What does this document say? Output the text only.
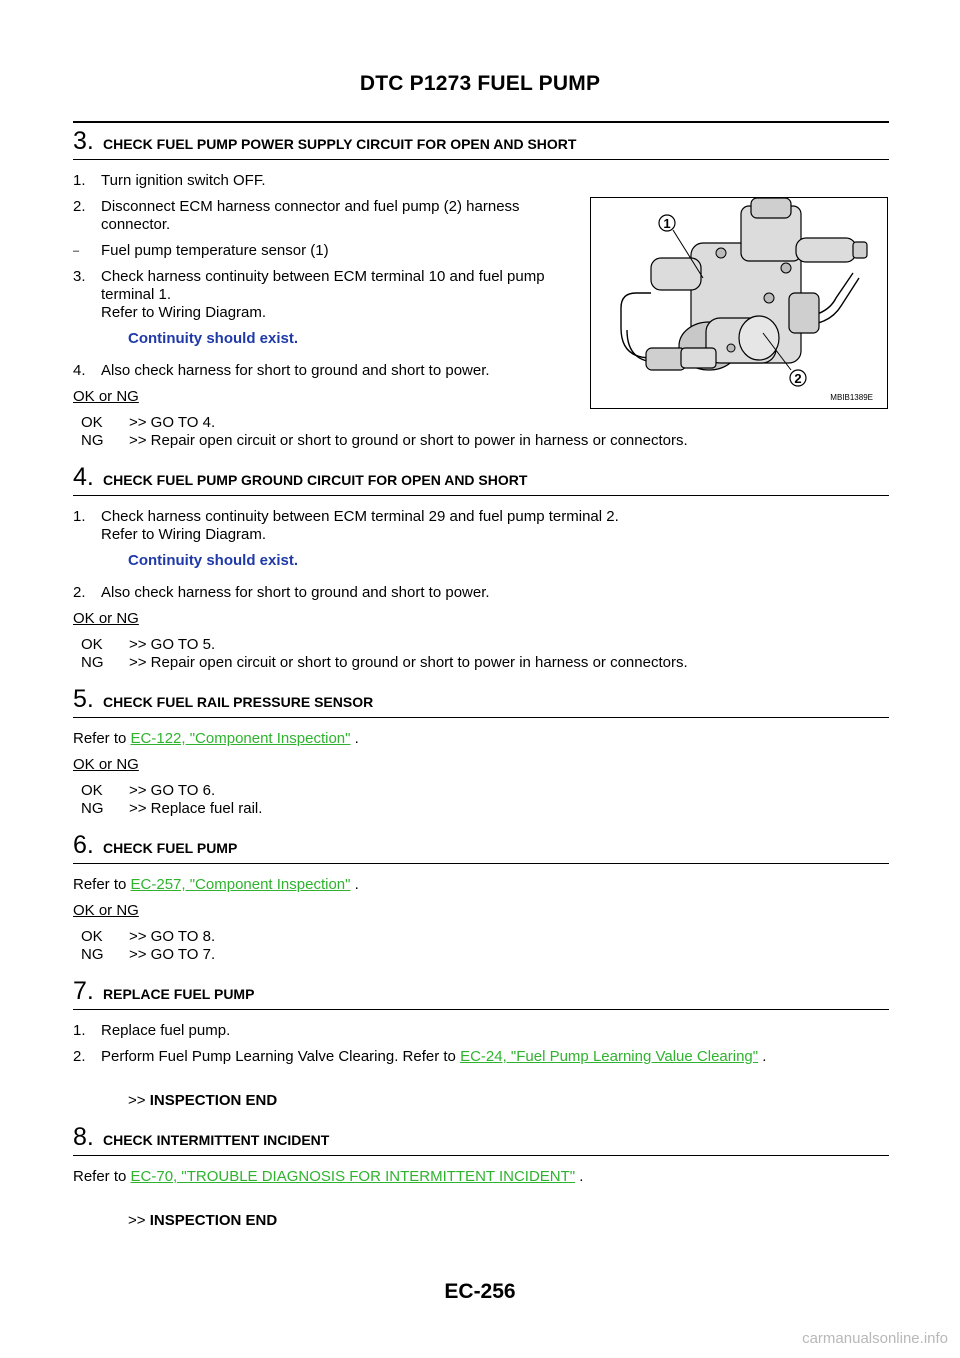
DTC P1273 FUEL PUMP
1
2
MBIB1389E
3. CHECK FUEL PUMP POWER SUPPLY CIRCUIT FOR OPEN AND SHORT
1.	Turn ignition switch OFF.
2.	Disconnect ECM harness connector and fuel pump (2) harness connector.
–	Fuel pump temperature sensor (1)
3.	Check harness continuity between ECM terminal 10 and fuel pump terminal 1.
Refer to Wiring Diagram.
Continuity should exist.
4.	Also check harness for short to ground and short to power.
OK or NG
OK	>> GO TO 4.
NG	>> Repair open circuit or short to ground or short to power in harness or connectors.
4. CHECK FUEL PUMP GROUND CIRCUIT FOR OPEN AND SHORT
1.	Check harness continuity between ECM terminal 29 and fuel pump terminal 2.
Refer to Wiring Diagram.
Continuity should exist.
2.	Also check harness for short to ground and short to power.
OK or NG
OK	>> GO TO 5.
NG	>> Repair open circuit or short to ground or short to power in harness or connectors.
5. CHECK FUEL RAIL PRESSURE SENSOR
Refer to EC-122, "Component Inspection" .
OK or NG
OK	>> GO TO 6.
NG	>> Replace fuel rail.
6. CHECK FUEL PUMP
Refer to EC-257, "Component Inspection" .
OK or NG
OK	>> GO TO 8.
NG	>> GO TO 7.
7. REPLACE FUEL PUMP
1.	Replace fuel pump.
2.	Perform Fuel Pump Learning Valve Clearing. Refer to EC-24, "Fuel Pump Learning Value Clearing" .
>> INSPECTION END
8. CHECK INTERMITTENT INCIDENT
Refer to EC-70, "TROUBLE DIAGNOSIS FOR INTERMITTENT INCIDENT" .
>> INSPECTION END
EC-256
carmanualsonline.info
